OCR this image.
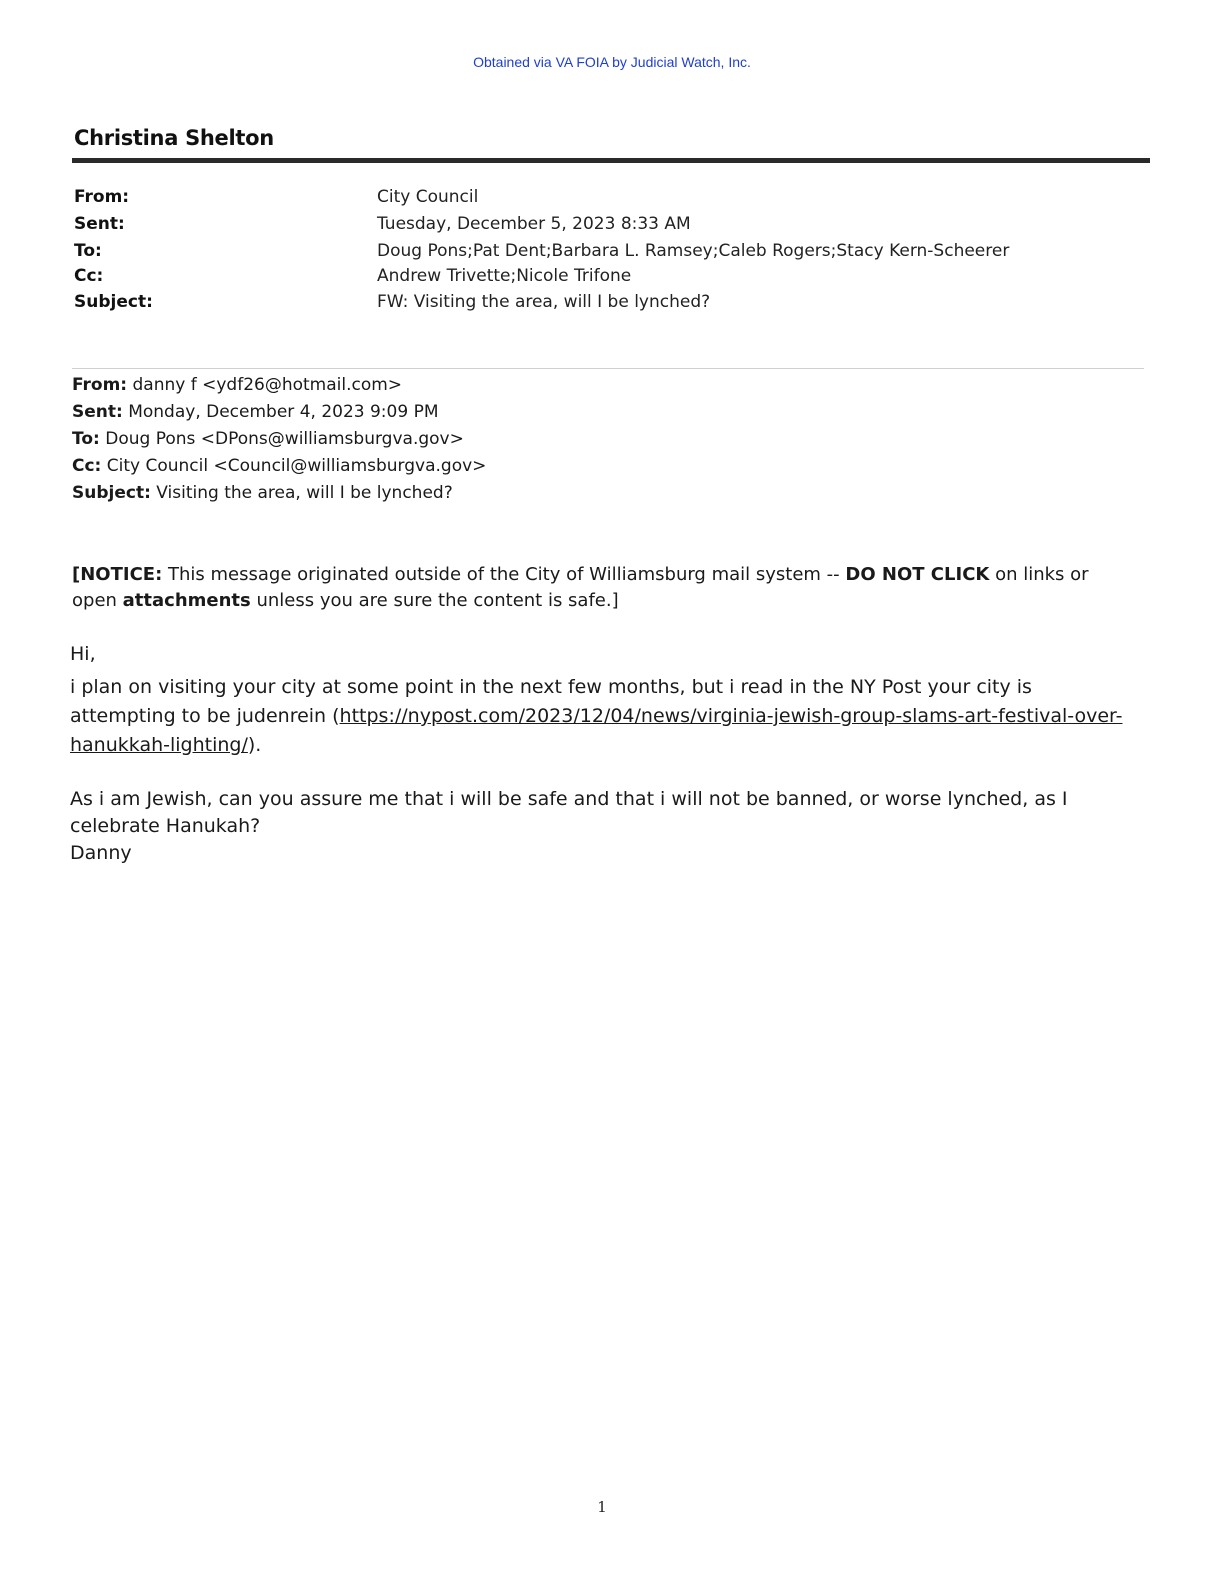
Obtained via VA FOIA by Judicial Watch, Inc.
Christina Shelton
From:	City Council
Sent:	Tuesday, December 5, 2023 8:33 AM
To:	Doug Pons;Pat Dent;Barbara L. Ramsey;Caleb Rogers;Stacy Kern-Scheerer
Cc:	Andrew Trivette;Nicole Trifone
Subject:	FW: Visiting the area, will I be lynched?
From: danny f <ydf26@hotmail.com>
Sent: Monday, December 4, 2023 9:09 PM
To: Doug Pons <DPons@williamsburgva.gov>
Cc: City Council <Council@williamsburgva.gov>
Subject: Visiting the area, will I be lynched?
[NOTICE: This message originated outside of the City of Williamsburg mail system -- DO NOT CLICK on links or open attachments unless you are sure the content is safe.]
Hi,
i plan on visiting your city at some point in the next few months, but i read in the NY Post your city is attempting to be judenrein (https://nypost.com/2023/12/04/news/virginia-jewish-group-slams-art-festival-over-hanukkah-lighting/).
As i am Jewish, can you assure me that i will be safe and that i will not be banned, or worse lynched, as I
celebrate Hanukah?
Danny
1
